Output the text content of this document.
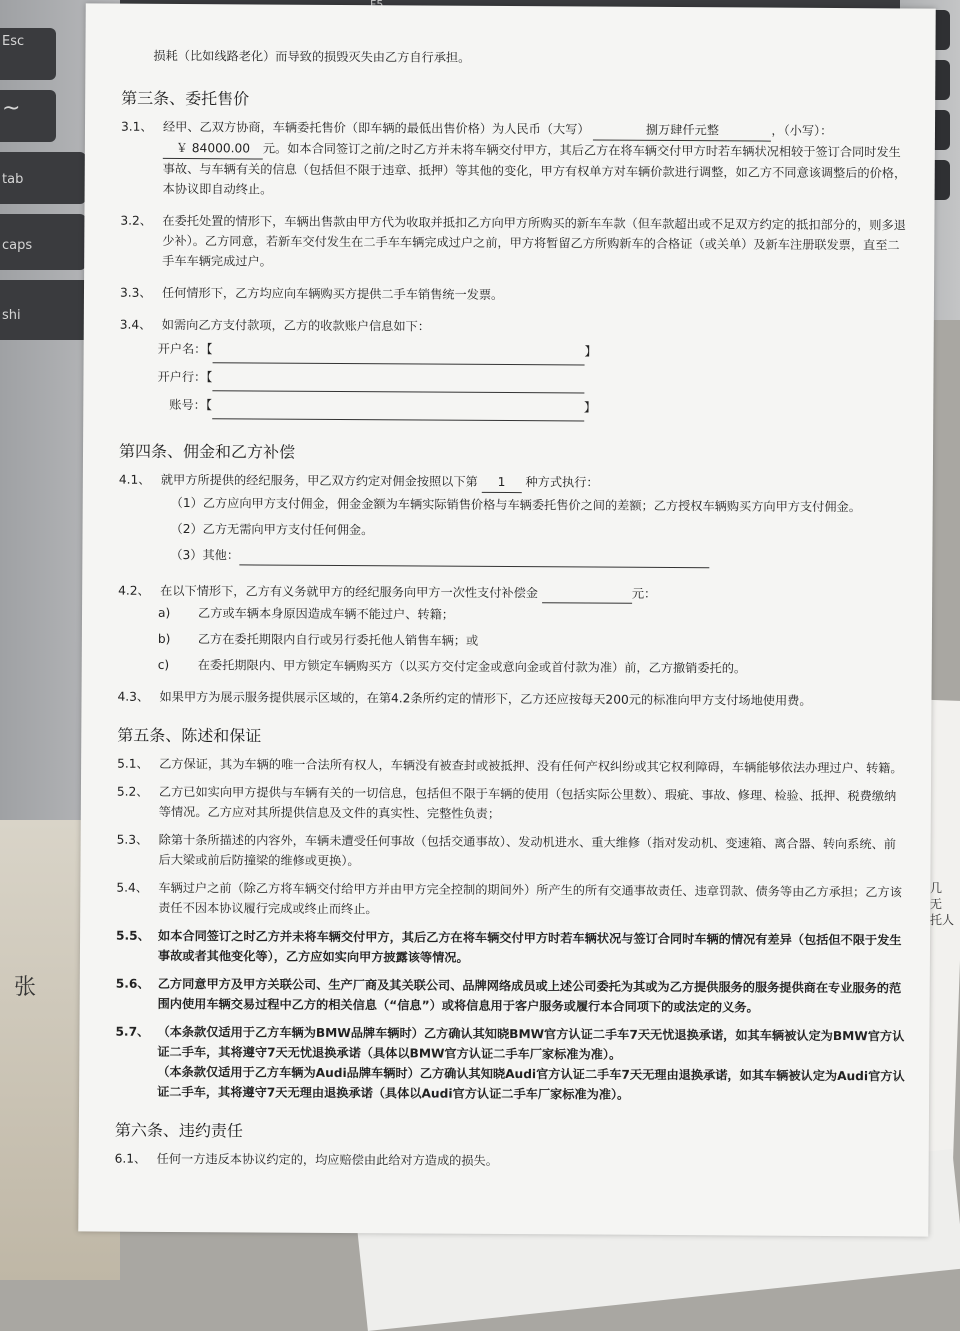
Esc
~
tab
caps
shi
张
几
无
托人

损耗（比如线路老化）而导致的损毁灭失由乙方自行承担。

第三条、委托售价
3.1、 经甲、乙双方协商，车辆委托售价（即车辆的最低出售价格）为人民币（大写）	捌万肆仟元整	，（小写）： ￥ 84000.00 元。如本合同签订之前/之时乙方并未将车辆交付甲方，其后乙方在将车辆交付甲方时若车辆状况相较于签订合同时发生事故、与车辆有关的信息（包括但不限于违章、抵押）等其他的变化，甲方有权单方对车辆价款进行调整，如乙方不同意该调整后的价格，本协议即自动终止。
3.2、 在委托处置的情形下，车辆出售款由甲方代为收取并抵扣乙方向甲方所购买的新车车款（但车款超出或不足双方约定的抵扣部分的，则多退少补）。乙方同意，若新车交付发生在二手车车辆完成过户之前，甲方将暂留乙方所购新车的合格证（或关单）及新车注册联发票，直至二手车车辆完成过户。
3.3、 任何情形下，乙方均应向车辆购买方提供二手车销售统一发票。
3.4、 如需向乙方支付款项，乙方的收款账户信息如下：
开户名：【	】
开户行：【
账号：【	】
第四条、佣金和乙方补偿
4.1、 就甲方所提供的经纪服务，甲乙双方约定对佣金按照以下第 1 种方式执行：
（1）乙方应向甲方支付佣金，佣金金额为车辆实际销售价格与车辆委托售价之间的差额；乙方授权车辆购买方向甲方支付佣金。
（2）乙方无需向甲方支付任何佣金。
（3）其他：
4.2、 在以下情形下，乙方有义务就甲方的经纪服务向甲方一次性支付补偿金	元：
a) 乙方或车辆本身原因造成车辆不能过户、转籍；
b) 乙方在委托期限内自行或另行委托他人销售车辆；或
c) 在委托期限内、甲方锁定车辆购买方（以买方交付定金或意向金或首付款为准）前，乙方撤销委托的。
4.3、 如果甲方为展示服务提供展示区域的，在第4.2条所约定的情形下，乙方还应按每天200元的标准向甲方支付场地使用费。
第五条、陈述和保证
5.1、 乙方保证，其为车辆的唯一合法所有权人，车辆没有被查封或被抵押、没有任何产权纠纷或其它权利障碍，车辆能够依法办理过户、转籍。
5.2、 乙方已如实向甲方提供与车辆有关的一切信息，包括但不限于车辆的使用（包括实际公里数）、瑕疵、事故、修理、检验、抵押、税费缴纳等情况。乙方应对其所提供信息及文件的真实性、完整性负责；
5.3、 除第十条所描述的内容外，车辆未遭受任何事故（包括交通事故）、发动机进水、重大维修（指对发动机、变速箱、离合器、转向系统、前后大梁或前后防撞梁的维修或更换）。
5.4、 车辆过户之前（除乙方将车辆交付给甲方并由甲方完全控制的期间外）所产生的所有交通事故责任、违章罚款、债务等由乙方承担；乙方该责任不因本协议履行完成或终止而终止。
5.5、 如本合同签订之时乙方并未将车辆交付甲方，其后乙方在将车辆交付甲方时若车辆状况与签订合同时车辆的情况有差异（包括但不限于发生事故或者其他变化等），乙方应如实向甲方披露该等情况。
5.6、 乙方同意甲方及甲方关联公司、生产厂商及其关联公司、品牌网络成员或上述公司委托为其或为乙方提供服务的服务提供商在专业服务的范围内使用车辆交易过程中乙方的相关信息（“信息”）或将信息用于客户服务或履行本合同项下的或法定的义务。
5.7、 （本条款仅适用于乙方车辆为BMW品牌车辆时）乙方确认其知晓BMW官方认证二手车7天无忧退换承诺，如其车辆被认定为BMW官方认证二手车，其将遵守7天无忧退换承诺（具体以BMW官方认证二手车厂家标准为准）。
（本条款仅适用于乙方车辆为Audi品牌车辆时）乙方确认其知晓Audi官方认证二手车7天无理由退换承诺，如其车辆被认定为Audi官方认证二手车，其将遵守7天无理由退换承诺（具体以Audi官方认证二手车厂家标准为准）。
第六条、违约责任
6.1、 任何一方违反本协议约定的，均应赔偿由此给对方造成的损失。
